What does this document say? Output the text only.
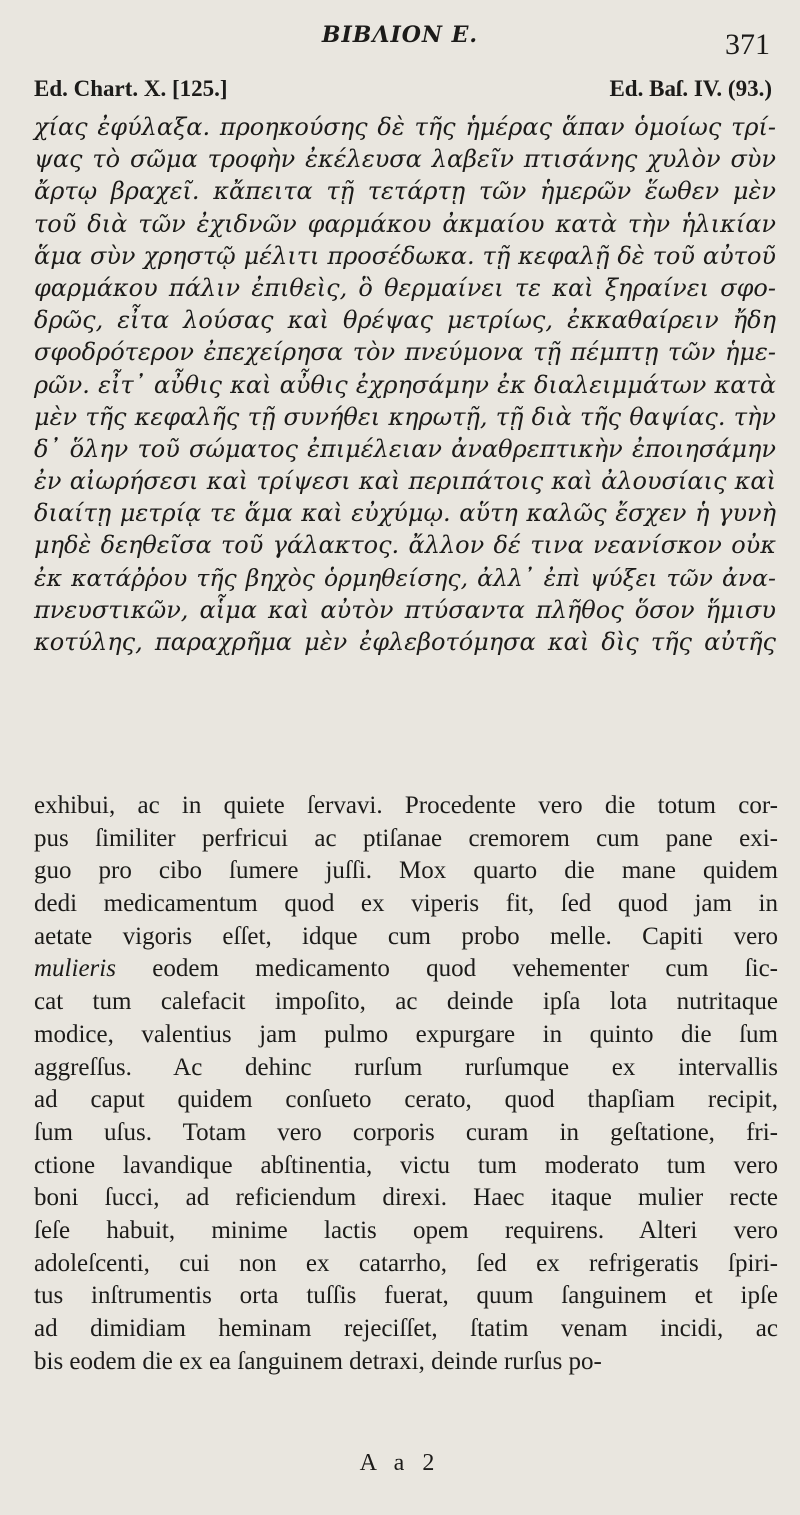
ΒΙΒΛΙΟΝ Ε.	371
Ed. Chart. X. [125.]	Ed. Baſ. IV. (93.)
χίας ἐφύλαξα. προηκούσης δὲ τῆς ἡμέρας ἅπαν ὁμοίως τρί-
ψας τὸ σῶμα τροφὴν ἐκέλευσα λαβεῖν πτισάνης χυλὸν σὺν
ἄρτῳ βραχεῖ. κἄπειτα τῇ τετάρτῃ τῶν ἡμερῶν ἕωθεν μὲν
τοῦ διὰ τῶν ἐχιδνῶν φαρμάκου ἀκμαίου κατὰ τὴν ἡλικίαν
ἅμα σὺν χρηστῷ μέλιτι προσέδωκα. τῇ κεφαλῇ δὲ τοῦ αὐτοῦ
φαρμάκου πάλιν ἐπιθεὶς, ὃ θερμαίνει τε καὶ ξηραίνει σφο-
δρῶς, εἶτα λούσας καὶ θρέψας μετρίως, ἐκκαθαίρειν ἤδη
σφοδρότερον ἐπεχείρησα τὸν πνεύμονα τῇ πέμπτῃ τῶν ἡμε-
ρῶν. εἶτ᾽ αὖθις καὶ αὖθις ἐχρησάμην ἐκ διαλειμμάτων κατὰ
μὲν τῆς κεφαλῆς τῇ συνήθει κηρωτῇ, τῇ διὰ τῆς θαψίας. τὴν
δ᾽ ὅλην τοῦ σώματος ἐπιμέλειαν ἀναθρεπτικὴν ἐποιησάμην
ἐν αἰωρήσεσι καὶ τρίψεσι καὶ περιπάτοις καὶ ἀλουσίαις καὶ
διαίτῃ μετρίᾳ τε ἅμα καὶ εὐχύμῳ. αὕτη καλῶς ἔσχεν ἡ γυνὴ
μηδὲ δεηθεῖσα τοῦ γάλακτος. ἄλλον δέ τινα νεανίσκον οὐκ
ἐκ κατάῤῥου τῆς βηχὸς ὁρμηθείσης, ἀλλ᾽ ἐπὶ ψύξει τῶν ἀνα-
πνευστικῶν, αἷμα καὶ αὐτὸν πτύσαντα πλῆθος ὅσον ἥμισυ
κοτύλης, παραχρῆμα μὲν ἐφλεβοτόμησα καὶ δὶς τῆς αὐτῆς
exhibui, ac in quiete ſervavi. Procedente vero die totum cor-
pus ſimiliter perfricui ac ptiſanae cremorem cum pane exi-
guo pro cibo ſumere juſſi. Mox quarto die mane quidem
dedi medicamentum quod ex viperis fit, ſed quod jam in
aetate vigoris eſſet, idque cum probo melle. Capiti vero
mulieris eodem medicamento quod vehementer cum ſic-
cat tum calefacit impoſito, ac deinde ipſa lota nutritaque
modice, valentius jam pulmo expurgare in quinto die ſum
aggreſſus. Ac dehinc rurſum rurſumque ex intervallis
ad caput quidem conſueto cerato, quod thapſiam recipit,
ſum uſus. Totam vero corporis curam in geſtatione, fri-
ctione lavandique abſtinentia, victu tum moderato tum vero
boni ſucci, ad reficiendum direxi. Haec itaque mulier recte
ſeſe habuit, minime lactis opem requirens. Alteri vero
adoleſcenti, cui non ex catarrho, ſed ex refrigeratis ſpiri-
tus inſtrumentis orta tuſſis fuerat, quum ſanguinem et ipſe
ad dimidiam heminam rejeciſſet, ſtatim venam incidi, ac
bis eodem die ex ea ſanguinem detraxi, deinde rurſus po-
A a 2
